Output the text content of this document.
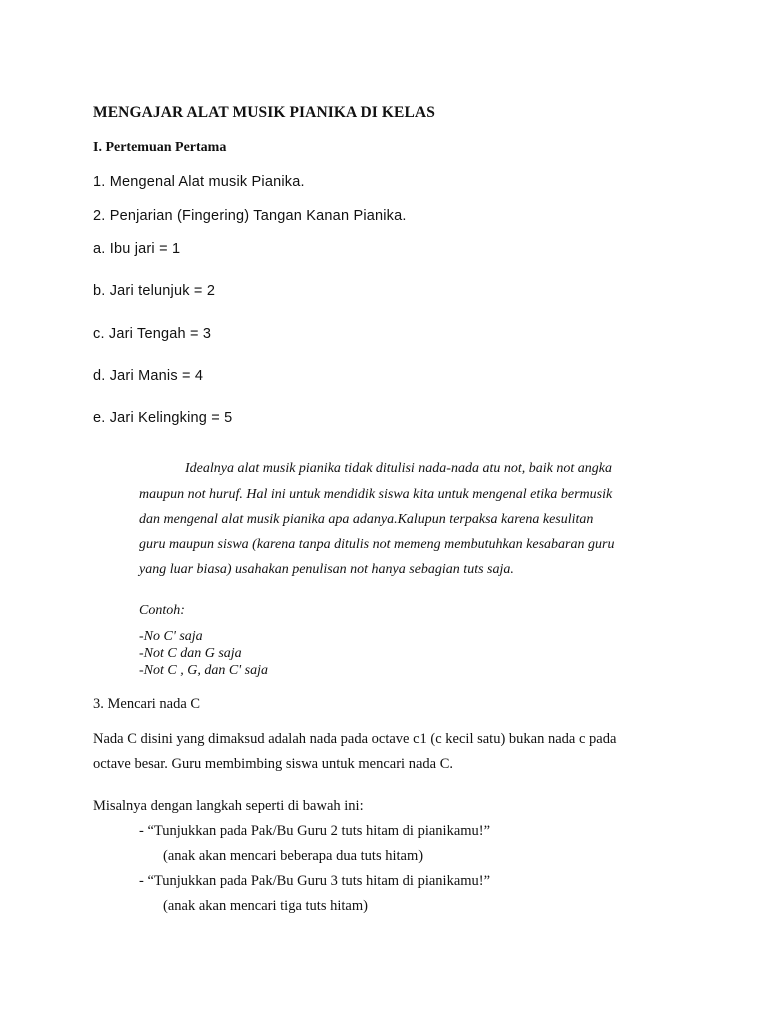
MENGAJAR ALAT MUSIK PIANIKA DI KELAS
I. Pertemuan Pertama
1. Mengenal Alat musik Pianika.
2. Penjarian (Fingering) Tangan Kanan Pianika.
a. Ibu jari = 1
b. Jari telunjuk = 2
c. Jari Tengah = 3
d. Jari Manis = 4
e. Jari Kelingking = 5
Idealnya alat musik pianika tidak ditulisi nada-nada atu not, baik not angka
maupun not huruf. Hal ini untuk mendidik siswa kita untuk mengenal etika bermusik
dan mengenal alat musik pianika apa adanya.Kalupun terpaksa karena kesulitan
guru maupun siswa (karena tanpa ditulis not memeng membutuhkan kesabaran guru
yang luar biasa) usahakan penulisan not hanya sebagian tuts saja.
Contoh:
-No C' saja
-Not C dan G saja
-Not C , G, dan C' saja
3. Mencari nada C
Nada C disini yang dimaksud adalah nada pada octave c1 (c kecil satu) bukan nada c pada
octave besar. Guru membimbing siswa untuk mencari nada C.
Misalnya dengan langkah seperti di bawah ini:
- “Tunjukkan pada Pak/Bu Guru 2 tuts hitam di pianikamu!”
(anak akan mencari beberapa dua tuts hitam)
- “Tunjukkan pada Pak/Bu Guru 3 tuts hitam di pianikamu!”
(anak akan mencari tiga tuts hitam)
